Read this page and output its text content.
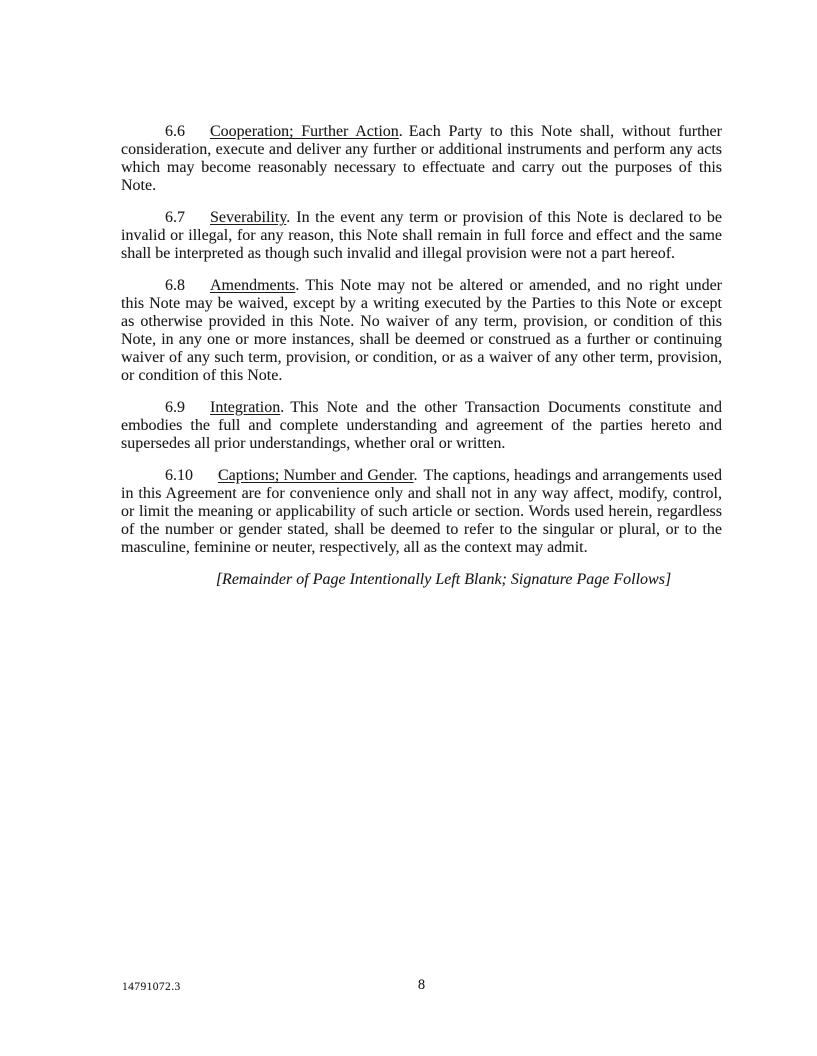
6.6 Cooperation; Further Action. Each Party to this Note shall, without further consideration, execute and deliver any further or additional instruments and perform any acts which may become reasonably necessary to effectuate and carry out the purposes of this Note.

6.7 Severability. In the event any term or provision of this Note is declared to be invalid or illegal, for any reason, this Note shall remain in full force and effect and the same shall be interpreted as though such invalid and illegal provision were not a part hereof.

6.8 Amendments. This Note may not be altered or amended, and no right under this Note may be waived, except by a writing executed by the Parties to this Note or except as otherwise provided in this Note. No waiver of any term, provision, or condition of this Note, in any one or more instances, shall be deemed or construed as a further or continuing waiver of any such term, provision, or condition, or as a waiver of any other term, provision, or condition of this Note.

6.9 Integration. This Note and the other Transaction Documents constitute and embodies the full and complete understanding and agreement of the parties hereto and supersedes all prior understandings, whether oral or written.

6.10 Captions; Number and Gender. The captions, headings and arrangements used in this Agreement are for convenience only and shall not in any way affect, modify, control, or limit the meaning or applicability of such article or section. Words used herein, regardless of the number or gender stated, shall be deemed to refer to the singular or plural, or to the masculine, feminine or neuter, respectively, all as the context may admit.

[Remainder of Page Intentionally Left Blank; Signature Page Follows]

14791072.3	8
